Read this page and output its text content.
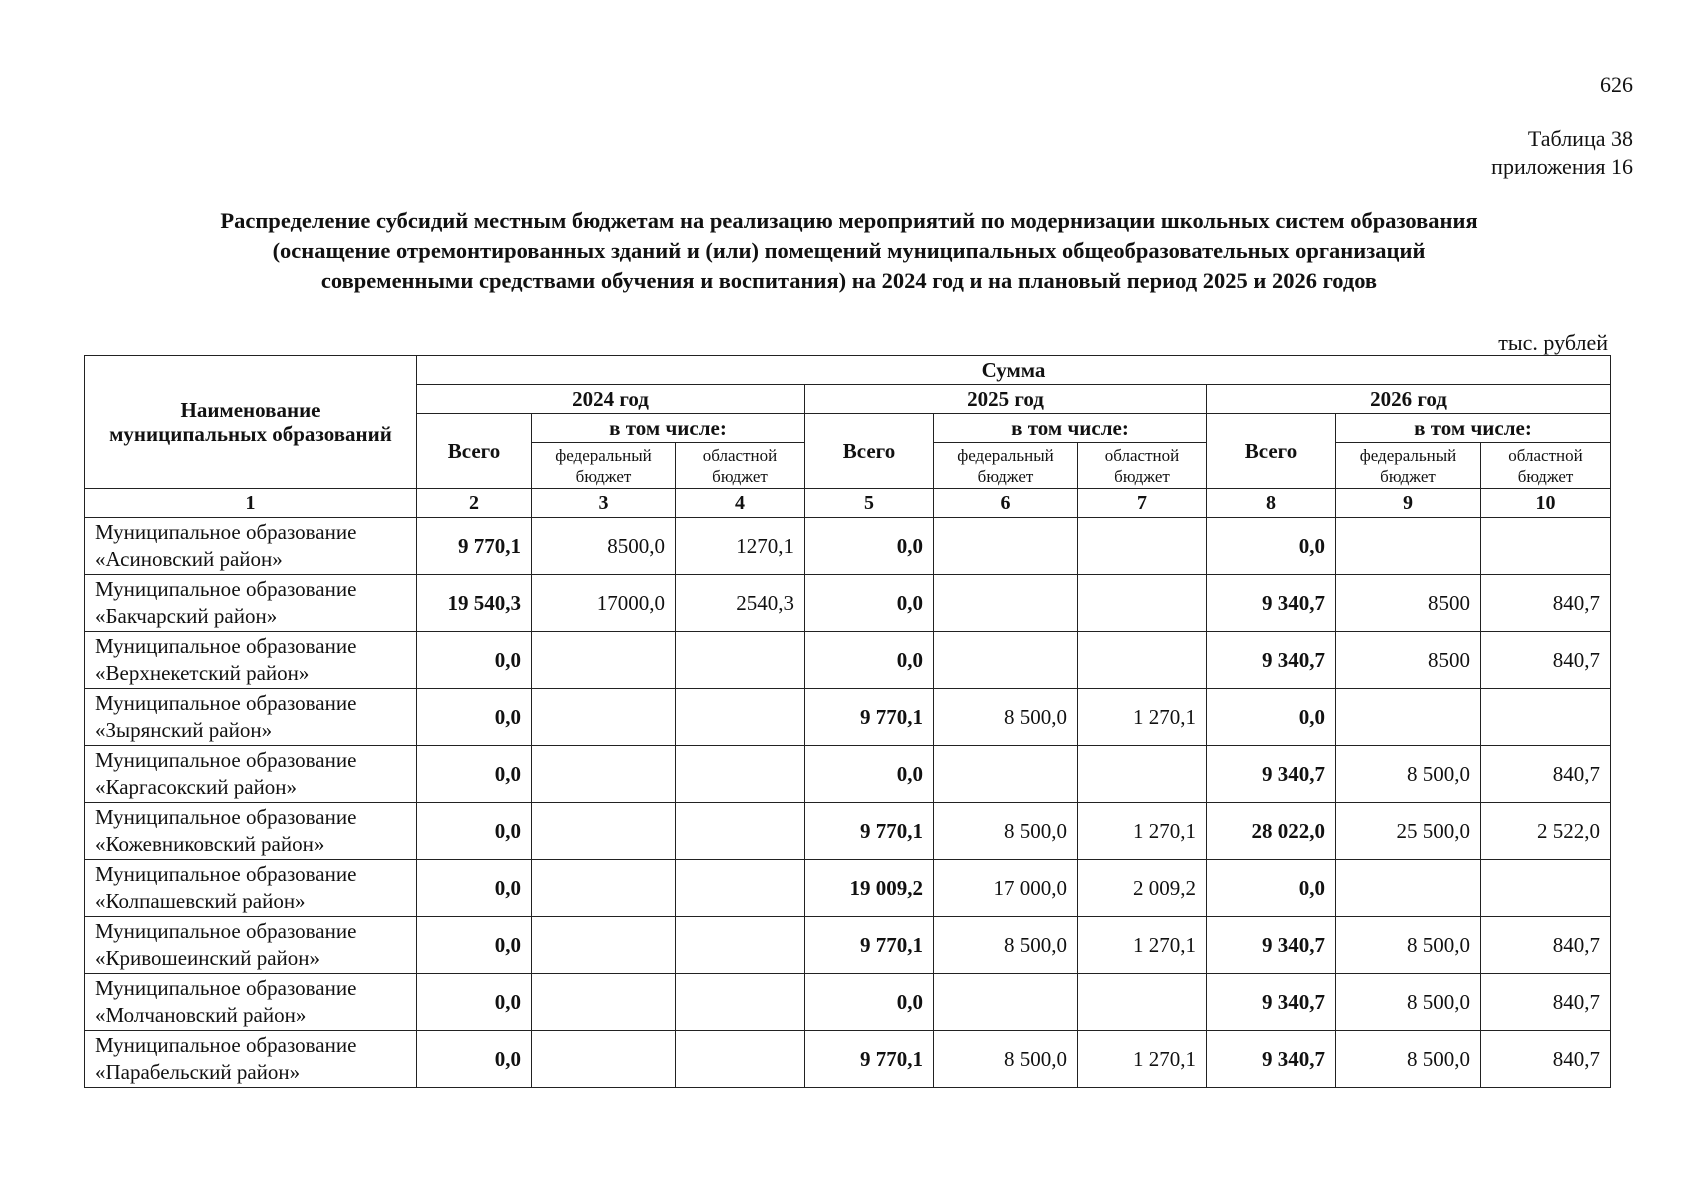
626
Таблица 38
приложения 16
Распределение субсидий местным бюджетам на реализацию мероприятий по модернизации школьных систем образования
(оснащение отремонтированных зданий и (или) помещений муниципальных общеобразовательных организаций
современными средствами обучения и воспитания) на 2024 год и на плановый период 2025 и 2026 годов
тыс. рублей
Наименование муниципальных образований	Сумма								
	2024 год			2025 год			2026 год		
	Всего	в том числе:		Всего	в том числе:		Всего	в том числе:	
		федеральный бюджет	областной бюджет		федеральный бюджет	областной бюджет		федеральный бюджет	областной бюджет
1	2	3	4	5	6	7	8	9	10

Муниципальное образование
«Асиновский район»	9 770,1	8500,0	1270,1	0,0			0,0		

Муниципальное образование
«Бакчарский район»	19 540,3	17000,0	2540,3	0,0			9 340,7	8500	840,7

Муниципальное образование
«Верхнекетский район»	0,0			0,0			9 340,7	8500	840,7

Муниципальное образование
«Зырянский район»	0,0			9 770,1	8 500,0	1 270,1	0,0		

Муниципальное образование
«Каргасокский район»	0,0			0,0			9 340,7	8 500,0	840,7

Муниципальное образование
«Кожевниковский район»	0,0			9 770,1	8 500,0	1 270,1	28 022,0	25 500,0	2 522,0

Муниципальное образование
«Колпашевский район»	0,0			19 009,2	17 000,0	2 009,2	0,0		

Муниципальное образование
«Кривошеинский район»	0,0			9 770,1	8 500,0	1 270,1	9 340,7	8 500,0	840,7

Муниципальное образование
«Молчановский район»	0,0			0,0			9 340,7	8 500,0	840,7

Муниципальное образование
«Парабельский район»	0,0			9 770,1	8 500,0	1 270,1	9 340,7	8 500,0	840,7
